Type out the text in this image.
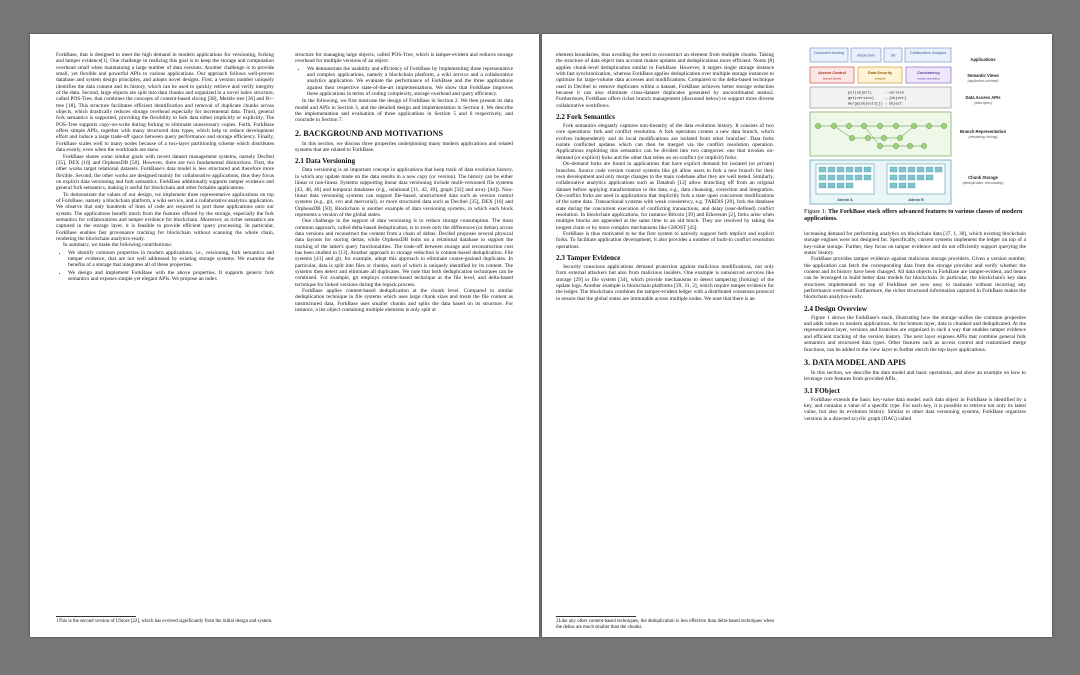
ForkBase, that is designed to meet the high demand in modern applications for versioning, forking and tamper evidence[1]. One challenge in realizing this goal is to keep the storage and computation overhead small when maintaining a large number of data versions. Another challenge is to provide small, yet flexible and powerful APIs to various applications. Our approach follows well-proven database and system design principles, and adopts novel designs. First, a version number uniquely identifies the data content and its history, which can be used to quickly retrieve and verify integrity of the data. Second, large objects are split into data chunks and organized in a novel index structure, called POS-Tree, that combines the concepts of content-based slicing [38], Merkle tree [36] and B+-tree [18]. This structure facilitates efficient identification and removal of duplicate chunks across objects, which drastically reduces storage overhead especially for incremental data. Third, general fork semantics is supported, providing the flexibility to fork data either implicitly or explicitly. The POS-Tree supports copy-on-write during forking to eliminate unnecessary copies. Forth, ForkBase offers simple APIs, together with many structured data types, which help to reduce development effort and induce a large trade-off space between query performance and storage efficiency. Finally, ForkBase scales well to many nodes because of a two-layer partitioning scheme which distributes data evenly, even when the workloads are skew.

ForkBase shares some similar goals with recent dataset management systems, namely Decibel [35], DEX [16] and OrpheusDB [50]. However, there are two fundamental distinctions. First, the other works target relational datasets. ForkBase's data model is less structured and therefore more flexible. Second, the other works are designed mainly for collaborative applications, thus they focus on explicit data versioning and fork semantics. ForkBase additionally supports tamper evidence and general fork semantics, making it useful for blockchain and other forkable applications.

To demonstrate the values of our design, we implement three representative applications on top of ForkBase, namely a blockchain platform, a wiki service, and a collaborative analytics application. We observe that only hundreds of lines of code are required to port these applications onto our system. The applications benefit much from the features offered by the storage, especially the fork semantics for collaborations and tamper evidence for blockchain. Moreover, as richer semantics are captured in the storage layer, it is feasible to provide efficient query processing. In particular, ForkBase enables fast provenance tracking for blockchain without scanning the whole chain, rendering the blockchain analytics-ready.

In summary, we make the following contributions:

• We identify common properties in modern applications, i.e., versioning, fork semantics and tamper evidence, that are not well addressed by existing storage systems. We examine the benefits of a storage that integrates all of these properties.
• We design and implement ForkBase with the above properties. It supports generic fork semantics and exposes simple yet elegant APIs. We propose an index
1This is the second version of UStore [22], which has evolved significantly from the initial design and system.

structure for managing large objects, called POS-Tree, which is tamper-evident and reduces storage overhead for multiple versions of an object.

• We demonstrate the usability and efficiency of ForkBase by implementing three representative and complex applications, namely a blockchain platform, a wiki service and a collaborative analytics application. We evaluate the performance of ForkBase and the three applications against their respective state-of-the-art implementations. We show that ForkBase improves these applications in terms of coding complexity, storage overhead and query efficiency.

In the following, we first motivate the design of ForkBase in Section 2. We then present its data model and APIs in Section 3, and the detailed design and implementation in Section 4. We describe the implementation and evaluation of three applications in Section 5 and 6 respectively, and conclude in Section 7.

2. BACKGROUND AND MOTIVATIONS

In this section, we discuss three properties underpinning many modern applications and related systems that are related to ForkBase.

2.1 Data Versioning

Data versioning is an important concept in applications that keep track of data evolution history, in which any update made on the data results in a new copy (or version). The history can be either linear or non-linear. Systems supporting linear data versioning include multi-versioned file systems [43, 48, 46] and temporal databases (e.g., relational [11, 42, 49], graph [32] and array [44]). Non-linear data versioning systems can support file-based, unstructured data such as version control systems (e.g., git, svn and mercurial), or more structured data such as Decibel [35], DEX [16] and OrpheusDB [50]. Blockchain is another example of data versioning systems, in which each block represents a version of the global states.

One challenge in the support of data versioning is to reduce storage consumption. The most common approach, called delta-based deduplication, is to store only the differences (or deltas) across data versions and reconstruct the content from a chain of deltas. Decibel proposes several physical data layouts for storing deltas, while OrpheusDB bolts on a relational database to support the tracking of the latter's query functionalities. The trade-off between storage and reconstruction cost has been studied in [13]. Another approach to storage reduction is content-based deduplication. File systems [41] and git, for example, adopt this approach to eliminate coarse-grained duplicates. In particular, data is split into files or chunks, each of which is uniquely identified by its content. The systems then detect and eliminate all duplicates. We note that both deduplication techniques can be combined. For example, git employs content-based technique at the file level, and delta-based technique for linked versions during the repack process.

ForkBase applies content-based deduplication at the chunk level. Compared to similar deduplication technique in file systems which uses large chunk sizes and treats the file content as unstructured data, ForkBase uses smaller chunks and splits the data based on its structure. For instance, a list object containing multiple elements is only split at

element boundaries, thus avoiding the need to reconstruct an element from multiple chunks. Taking the structure of data object into account makes updates and deduplications more efficient. Noms [8] applies chunk-level deduplication similar to ForkBase. However, it targets single storage instance with fast synchronization, whereas ForkBase applies deduplication over multiple storage instances to optimize for large-volume data accesses and modifications. Compared to the delta-based technique used in Decibel to remove duplicates within a dataset, ForkBase achieves better storage reduction because it can also eliminate cross-dataset duplicates generated by uncoordinated teams2. Furthermore, ForkBase offers richer branch management (discussed below) to support more diverse collaborative workflows.

2.2 Fork Semantics

Fork semantics elegantly captures non-linearity of the data evolution history. It consists of two core operations: fork and conflict resolution. A fork operation creates a new data branch, which evolves independently and its local modifications are isolated from other branches'. Data forks isolate conflicted updates which can then be merged via the conflict resolution operation. Applications exploiting this semantics can be divided into two categories: one that invokes on-demand (or explicit) forks and the other that relies on on-conflict (or implicit) forks.

On-demand forks are found in applications that have explicit demand for isolated (or private) branches. Source code version control systems like git allow users to fork a new branch for their own development and only merge changes to the main codebase after they are well tested. Similarly, collaborative analytics applications such as Datahub [12] allow branching off from an original dataset before applying transformation to the data, e.g., data cleansing, correction and integration. On-conflict forks are used in applications that implicitly fork a state upon concurrent modifications of the same data. Transactional systems with weak consistency, e.g. TARDiS [20], fork the database state during the concurrent execution of conflicting transactions, and delay (user-defined) conflict resolution. In blockchain applications, for instance Bitcoin [39] and Ethereum [2], forks arise when multiple blocks are appended at the same time to an old block. They are resolved by taking the longest chain or by more complex mechanisms like GHOST [45].

ForkBase is thus motivated to be the first system to natively support both implicit and explicit forks. To facilitate application development, it also provides a number of built-in conflict resolution operations.

2.3 Tamper Evidence

Security conscious applications demand protection against malicious modifications, not only from external attackers but also from malicious insiders. One example is outsourced services like storage [29] or file system [34], which provide mechanisms to detect tampering (forking) of the update logs. Another example is blockchain platforms [39, 31, 2], which require tamper evidence for the ledger. The blockchain combines the tamper-evident ledger with a distributed consensus protocol to ensure that the global states are immutable across multiple nodes. We note that there is an

2Like any other content-based techniques, the deduplication is less effective than delta-based techniques when the deltas are much smaller than the chunks.
Document Hosting
Blockchain	Git
Collaborative Analytics
Access Control
branch-based
Data Security
integrity
Consistency
merge semantics
put(object)      → version
get(version)     → {object}
merge(objects[]) → object
Admin A	Admin B
Applications
Semantic Views
(application-oriented)
Data Access APIs
(data types)
Branch Representation
(versioning, forking)
Chunk Storage
(deduplication, immutability)
Figure 1: The ForkBase stack offers advanced features to various classes of modern applications.

increasing demand for performing analytics on blockchain data [37, 1, 30], which existing blockchain storage engines were not designed for. Specifically, current systems implement the ledger on top of a key-value storage. Further, they focus on tamper evidence and do not efficiently support querying the states' history.

ForkBase provides tamper evidence against malicious storage providers. Given a version number, the application can fetch the corresponding data from the storage provider and verify whether the content and its history have been changed. All data objects in ForkBase are tamper-evident, and hence can be leveraged to build better data models for blockchain. In particular, the blockchain's key data structures implemented on top of ForkBase are now easy to maintain without incurring any performance overhead. Furthermore, the richer structured information captured in ForkBase makes the blockchain analytics-ready.

2.4 Design Overview

Figure 1 shows the ForkBase's stack, illustrating how the storage unifies the common properties and adds values to modern applications. At the bottom layer, data is chunked and deduplicated. At the representation layer, versions and branches are organized in such a way that enables tamper evidence and efficient tracking of the version history. The next layer exposes APIs that combine general fork semantics and structured data types. Other features such as access control and customized merge functions, can be added to the view layer to further enrich the top-layer applications.

3. DATA MODEL AND APIS

In this section, we describe the data model and basic operations, and show an example on how to leverage core features from provided APIs.

3.1 FObject

ForkBase extends the basic key-value data model: each data object in ForkBase is identified by a key, and contains a value of a specific type. For each key, it is possible to retrieve not only its latest value, but also its evolution history. Similar to other data versioning systems, ForkBase organizes versions in a directed acyclic graph (DAG) called
